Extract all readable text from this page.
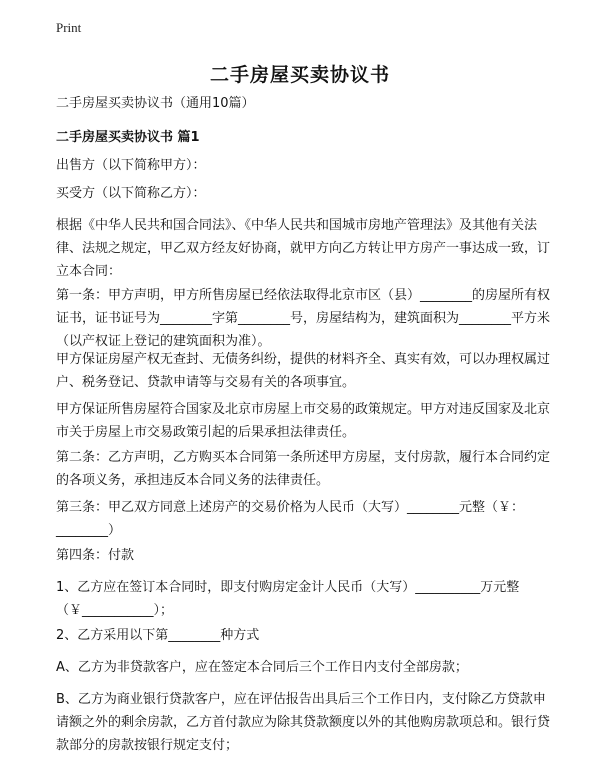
Print
二手房屋买卖协议书
二手房屋买卖协议书（通用10篇）
二手房屋买卖协议书 篇1
出售方（以下简称甲方）：
买受方（以下简称乙方）：
根据《中华人民共和国合同法》、《中华人民共和国城市房地产管理法》及其他有关法律、法规之规定，甲乙双方经友好协商，就甲方向乙方转让甲方房产一事达成一致，订立本合同：
第一条：甲方声明，甲方所售房屋已经依法取得北京市区（县）________的房屋所有权证书，证书证号为________字第________号，房屋结构为，建筑面积为________平方米（以产权证上登记的建筑面积为准）。
甲方保证房屋产权无查封、无债务纠纷，提供的材料齐全、真实有效，可以办理权属过户、税务登记、贷款申请等与交易有关的各项事宜。
甲方保证所售房屋符合国家及北京市房屋上市交易的政策规定。甲方对违反国家及北京市关于房屋上市交易政策引起的后果承担法律责任。
第二条：乙方声明，乙方购买本合同第一条所述甲方房屋，支付房款，履行本合同约定的各项义务，承担违反本合同义务的法律责任。
第三条：甲乙双方同意上述房产的交易价格为人民币（大写）________元整（￥：________）
第四条：付款
1、乙方应在签订本合同时，即支付购房定金计人民币（大写）__________万元整（￥___________）；
2、乙方采用以下第________种方式
A、乙方为非贷款客户，应在签定本合同后三个工作日内支付全部房款；
B、乙方为商业银行贷款客户，应在评估报告出具后三个工作日内，支付除乙方贷款申请额之外的剩余房款，乙方首付款应为除其贷款额度以外的其他购房款项总和。银行贷款部分的房款按银行规定支付；
